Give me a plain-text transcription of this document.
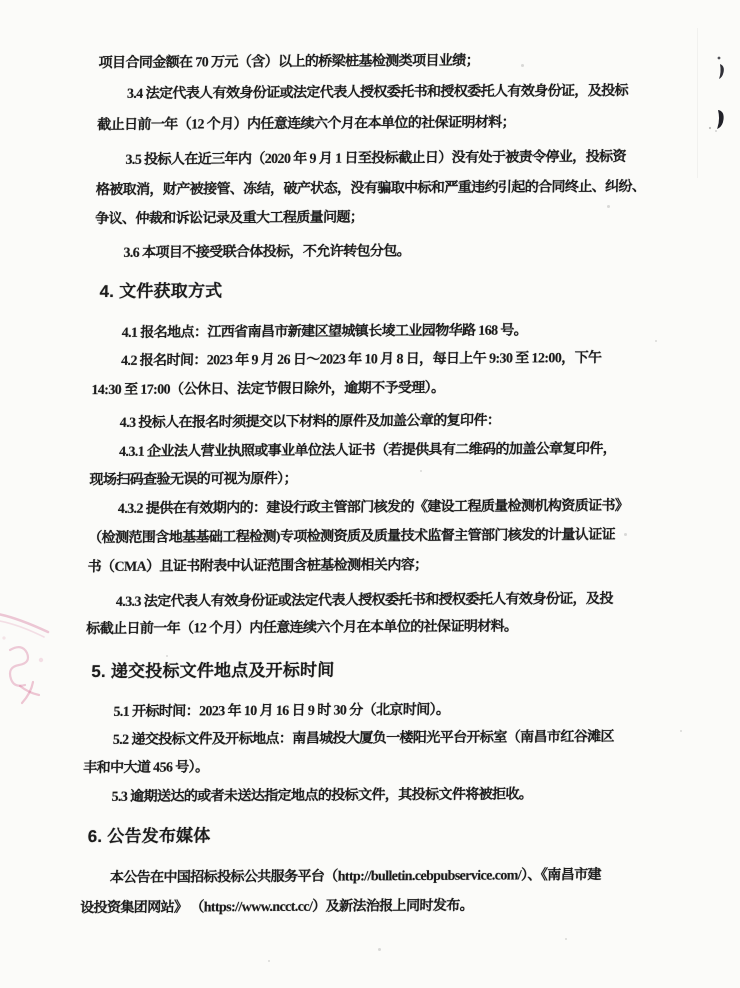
项目合同金额在 70 万元（含）以上的桥梁桩基检测类项目业绩；
3.4 法定代表人有效身份证或法定代表人授权委托书和授权委托人有效身份证，及投标
截止日前一年（12 个月）内任意连续六个月在本单位的社保证明材料；
3.5 投标人在近三年内（2020 年 9 月 1 日至投标截止日）没有处于被责令停业，投标资
格被取消，财产被接管、冻结，破产状态，没有骗取中标和严重违约引起的合同终止、纠纷、
争议、仲裁和诉讼记录及重大工程质量问题；
3.6 本项目不接受联合体投标，不允许转包分包。
4. 文件获取方式
4.1 报名地点：江西省南昌市新建区望城镇长堎工业园物华路 168 号。
4.2 报名时间：2023 年 9 月 26 日～2023 年 10 月 8 日，每日上午 9:30 至 12:00，下午
14:30 至 17:00（公休日、法定节假日除外，逾期不予受理）。
4.3 投标人在报名时须提交以下材料的原件及加盖公章的复印件：
4.3.1 企业法人营业执照或事业单位法人证书（若提供具有二维码的加盖公章复印件，
现场扫码查验无误的可视为原件）；
4.3.2 提供在有效期内的：建设行政主管部门核发的《建设工程质量检测机构资质证书》
（检测范围含地基基础工程检测)专项检测资质及质量技术监督主管部门核发的计量认证证
书（CMA）且证书附表中认证范围含桩基检测相关内容；
4.3.3 法定代表人有效身份证或法定代表人授权委托书和授权委托人有效身份证，及投
标截止日前一年（12 个月）内任意连续六个月在本单位的社保证明材料。
5. 递交投标文件地点及开标时间
5.1 开标时间：2023 年 10 月 16 日 9 时 30 分（北京时间）。
5.2 递交投标文件及开标地点：南昌城投大厦负一楼阳光平台开标室（南昌市红谷滩区
丰和中大道 456 号）。
5.3 逾期送达的或者未送达指定地点的投标文件，其投标文件将被拒收。
6. 公告发布媒体
本公告在中国招标投标公共服务平台（http://bulletin.cebpubservice.com/）、《南昌市建
设投资集团网站》 （https://www.ncct.cc/）及新法治报上同时发布。
